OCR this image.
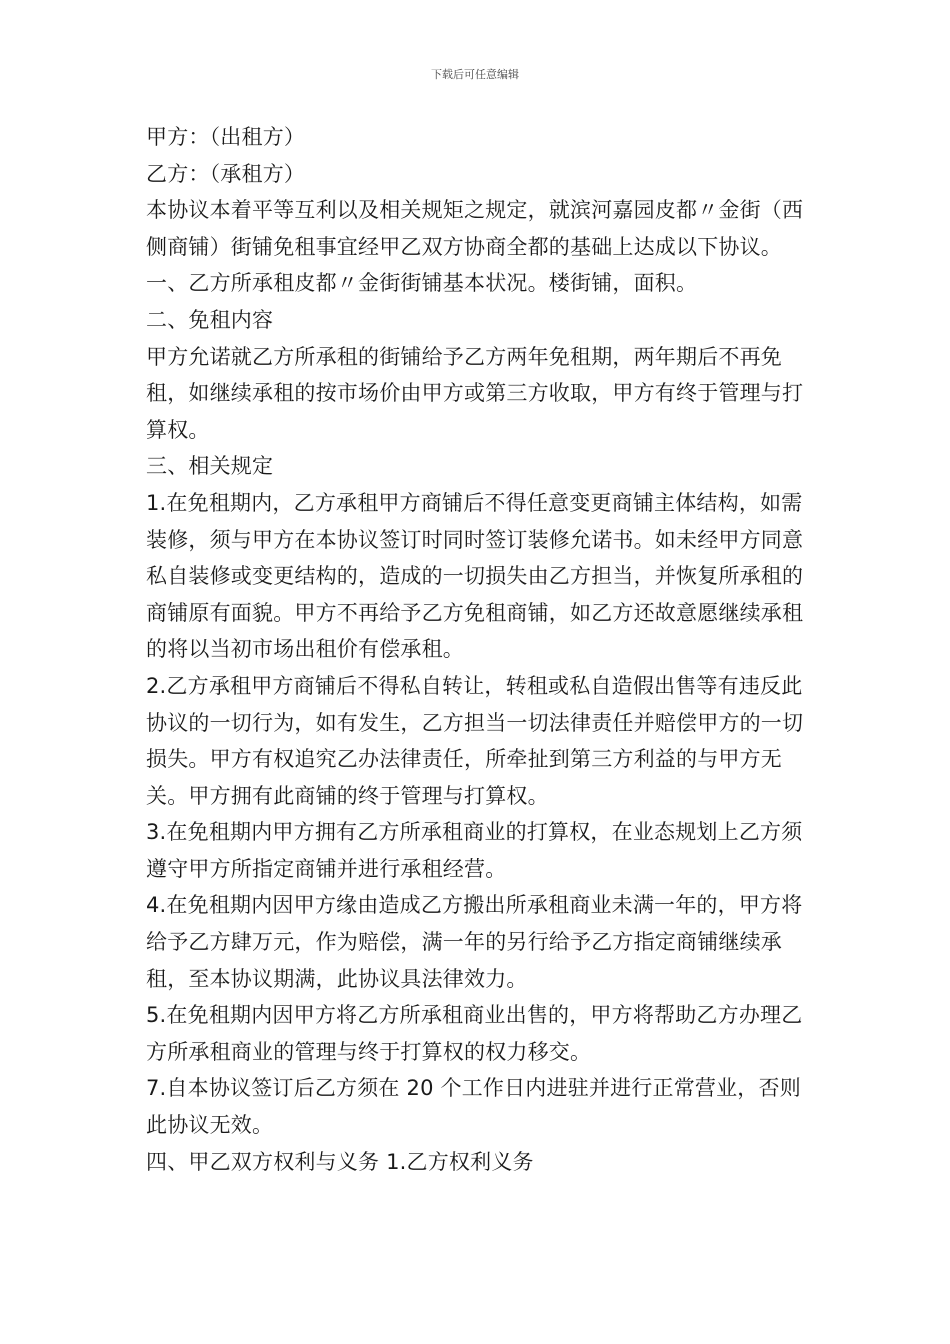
下载后可任意编辑

甲方：（出租方）

乙方：（承租方）

本协议本着平等互利以及相关规矩之规定，就滨河嘉园皮都〃金街（西侧商铺）街铺免租事宜经甲乙双方协商全都的基础上达成以下协议。

一、乙方所承租皮都〃金街街铺基本状况。楼街铺，面积。

二、免租内容

甲方允诺就乙方所承租的街铺给予乙方两年免租期，两年期后不再免租，如继续承租的按市场价由甲方或第三方收取，甲方有终于管理与打算权。

三、相关规定

1.在免租期内，乙方承租甲方商铺后不得任意变更商铺主体结构，如需装修，须与甲方在本协议签订时同时签订装修允诺书。如未经甲方同意私自装修或变更结构的，造成的一切损失由乙方担当，并恢复所承租的商铺原有面貌。甲方不再给予乙方免租商铺，如乙方还故意愿继续承租的将以当初市场出租价有偿承租。

2.乙方承租甲方商铺后不得私自转让，转租或私自造假出售等有违反此协议的一切行为，如有发生，乙方担当一切法律责任并赔偿甲方的一切损失。甲方有权追究乙办法律责任，所牵扯到第三方利益的与甲方无关。甲方拥有此商铺的终于管理与打算权。

3.在免租期内甲方拥有乙方所承租商业的打算权，在业态规划上乙方须遵守甲方所指定商铺并进行承租经营。

4.在免租期内因甲方缘由造成乙方搬出所承租商业未满一年的，甲方将给予乙方肆万元，作为赔偿，满一年的另行给予乙方指定商铺继续承租，至本协议期满，此协议具法律效力。

5.在免租期内因甲方将乙方所承租商业出售的，甲方将帮助乙方办理乙方所承租商业的管理与终于打算权的权力移交。

7.自本协议签订后乙方须在 20 个工作日内进驻并进行正常营业，否则此协议无效。

四、甲乙双方权利与义务 1.乙方权利义务
